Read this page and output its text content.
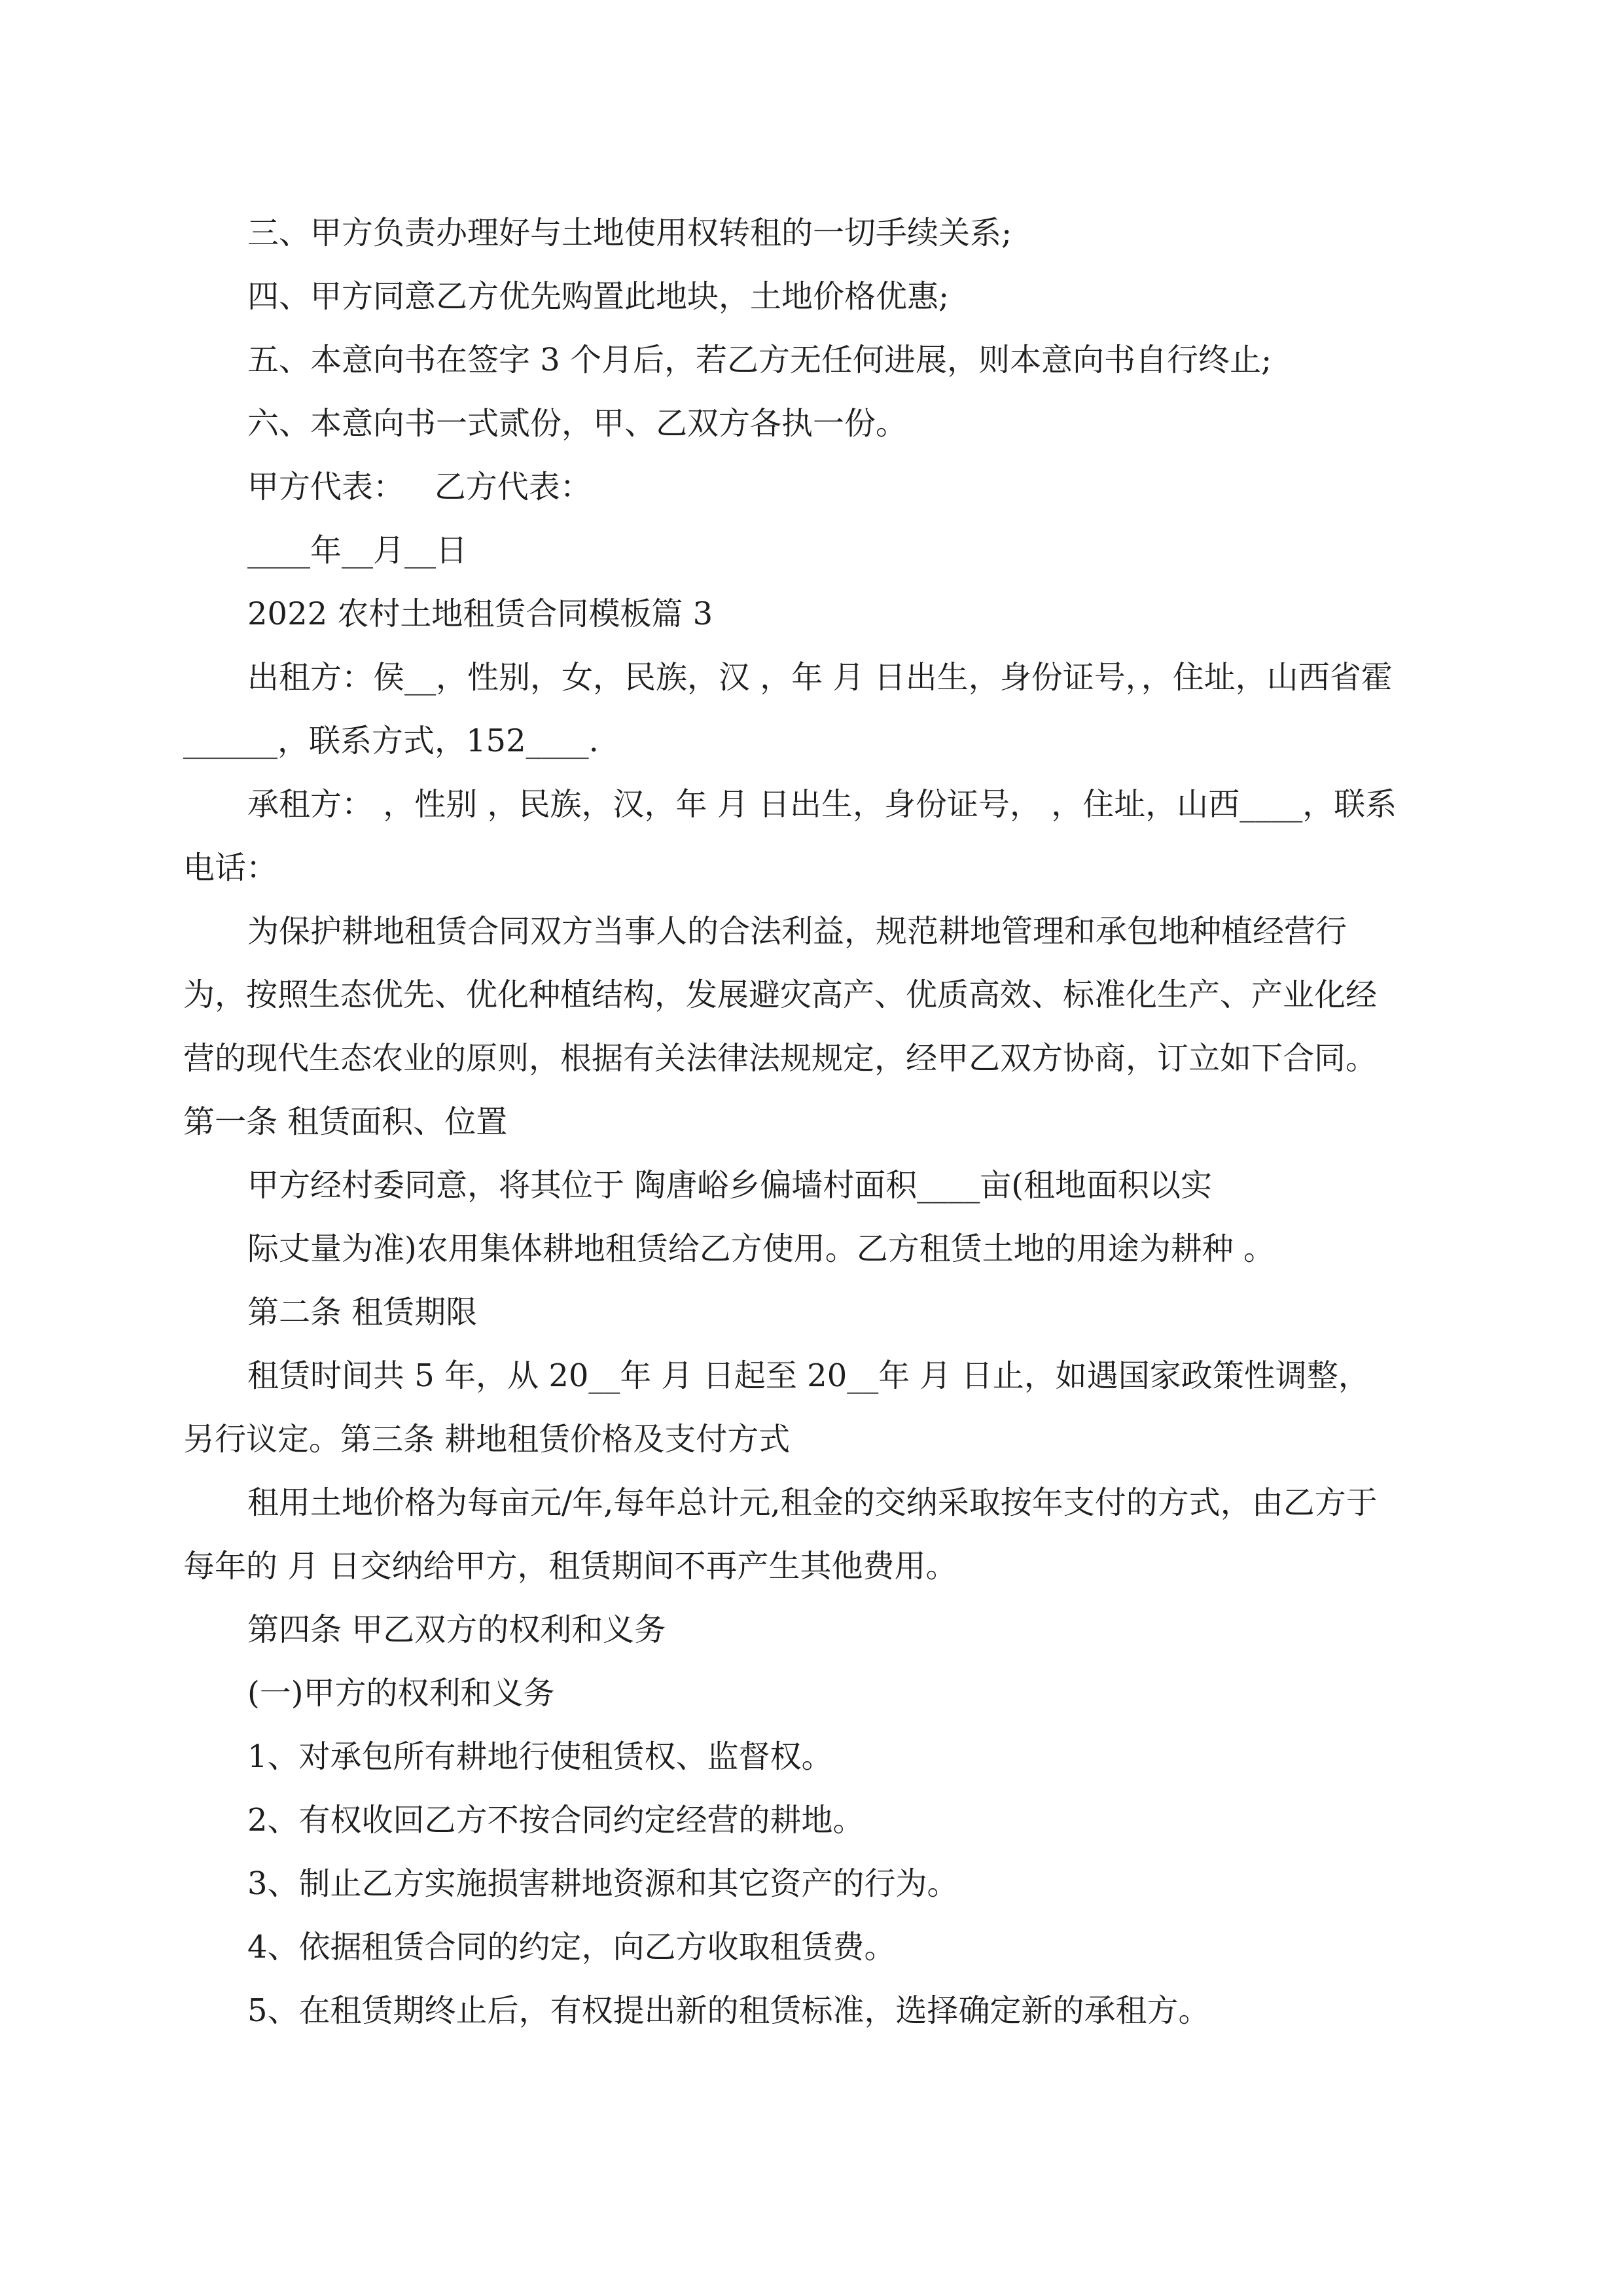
三、甲方负责办理好与土地使用权转租的一切手续关系;

四、甲方同意乙方优先购置此地块，土地价格优惠;

五、本意向书在签字 3 个月后，若乙方无任何进展，则本意向书自行终止;

六、本意向书一式贰份，甲、乙双方各执一份。

甲方代表：   乙方代表：

____年__月__日

2022 农村土地租赁合同模板篇 3

出租方：侯__，性别，女，民族，汉 ，年 月 日出生，身份证号，，住址，山西省霍______，联系方式，152____.

承租方： ，性别 ，民族，汉，年 月 日出生，身份证号， ，住址，山西____，联系电话：

为保护耕地租赁合同双方当事人的合法利益，规范耕地管理和承包地种植经营行为，按照生态优先、优化种植结构，发展避灾高产、优质高效、标准化生产、产业化经营的现代生态农业的原则，根据有关法律法规规定，经甲乙双方协商，订立如下合同。第一条 租赁面积、位置

甲方经村委同意，将其位于 陶唐峪乡偏墙村面积____亩(租地面积以实

际丈量为准)农用集体耕地租赁给乙方使用。乙方租赁土地的用途为耕种 。

第二条 租赁期限

租赁时间共 5 年，从 20__年 月 日起至 20__年 月 日止，如遇国家政策性调整，另行议定。第三条 耕地租赁价格及支付方式

租用土地价格为每亩元/年,每年总计元,租金的交纳采取按年支付的方式，由乙方于每年的 月 日交纳给甲方，租赁期间不再产生其他费用。

第四条 甲乙双方的权利和义务

(一)甲方的权利和义务

1、对承包所有耕地行使租赁权、监督权。

2、有权收回乙方不按合同约定经营的耕地。

3、制止乙方实施损害耕地资源和其它资产的行为。

4、依据租赁合同的约定，向乙方收取租赁费。

5、在租赁期终止后，有权提出新的租赁标准，选择确定新的承租方。
